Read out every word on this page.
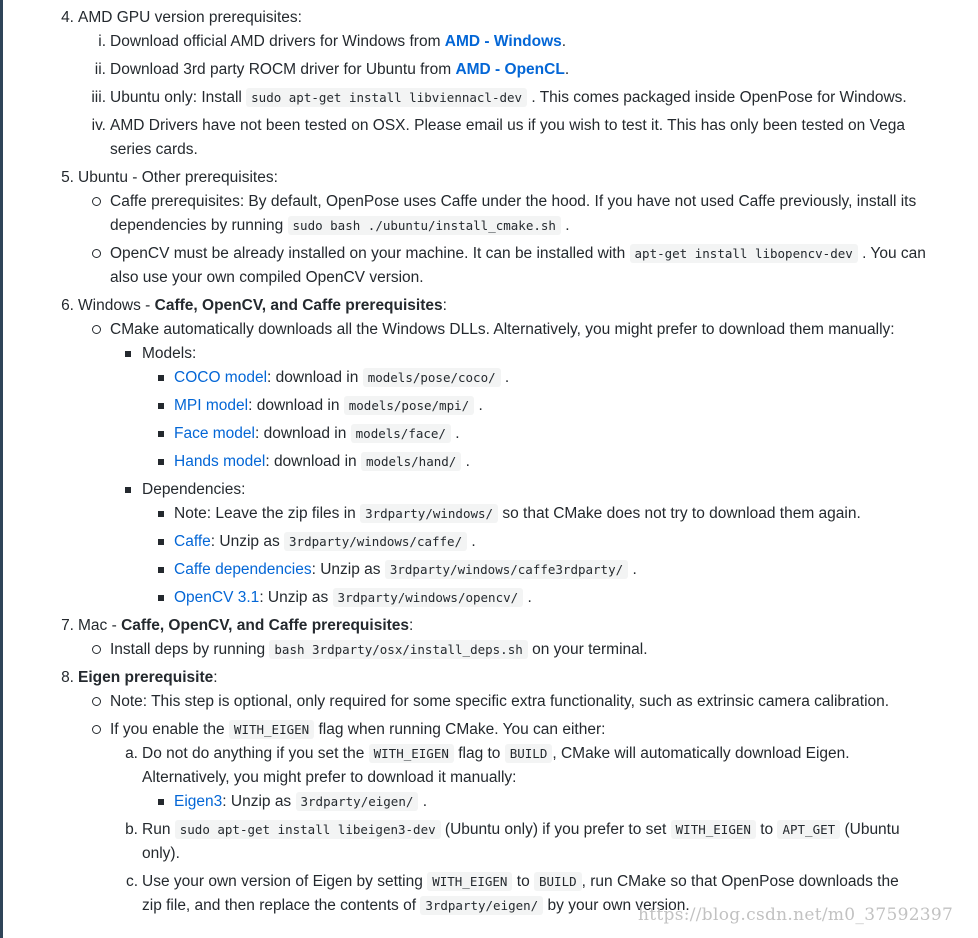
4. AMD GPU version prerequisites:
i. Download official AMD drivers for Windows from AMD - Windows.
ii. Download 3rd party ROCM driver for Ubuntu from AMD - OpenCL.
iii. Ubuntu only: Install sudo apt-get install libviennacl-dev . This comes packaged inside OpenPose for Windows.
iv. AMD Drivers have not been tested on OSX. Please email us if you wish to test it. This has only been tested on Vega
series cards.
5. Ubuntu - Other prerequisites:
Caffe prerequisites: By default, OpenPose uses Caffe under the hood. If you have not used Caffe previously, install its
dependencies by running sudo bash ./ubuntu/install_cmake.sh .
OpenCV must be already installed on your machine. It can be installed with apt-get install libopencv-dev . You can
also use your own compiled OpenCV version.
6. Windows - Caffe, OpenCV, and Caffe prerequisites:
CMake automatically downloads all the Windows DLLs. Alternatively, you might prefer to download them manually:
Models:
COCO model: download in models/pose/coco/ .
MPI model: download in models/pose/mpi/ .
Face model: download in models/face/ .
Hands model: download in models/hand/ .
Dependencies:
Note: Leave the zip files in 3rdparty/windows/ so that CMake does not try to download them again.
Caffe: Unzip as 3rdparty/windows/caffe/ .
Caffe dependencies: Unzip as 3rdparty/windows/caffe3rdparty/ .
OpenCV 3.1: Unzip as 3rdparty/windows/opencv/ .
7. Mac - Caffe, OpenCV, and Caffe prerequisites:
Install deps by running bash 3rdparty/osx/install_deps.sh on your terminal.
8. Eigen prerequisite:
Note: This step is optional, only required for some specific extra functionality, such as extrinsic camera calibration.
If you enable the WITH_EIGEN flag when running CMake. You can either:
a. Do not do anything if you set the WITH_EIGEN flag to BUILD , CMake will automatically download Eigen.
Alternatively, you might prefer to download it manually:
Eigen3: Unzip as 3rdparty/eigen/ .
b. Run sudo apt-get install libeigen3-dev (Ubuntu only) if you prefer to set WITH_EIGEN to APT_GET (Ubuntu
only).
c. Use your own version of Eigen by setting WITH_EIGEN to BUILD , run CMake so that OpenPose downloads the
zip file, and then replace the contents of 3rdparty/eigen/ by your own version.
https://blog.csdn.net/m0_37592397
